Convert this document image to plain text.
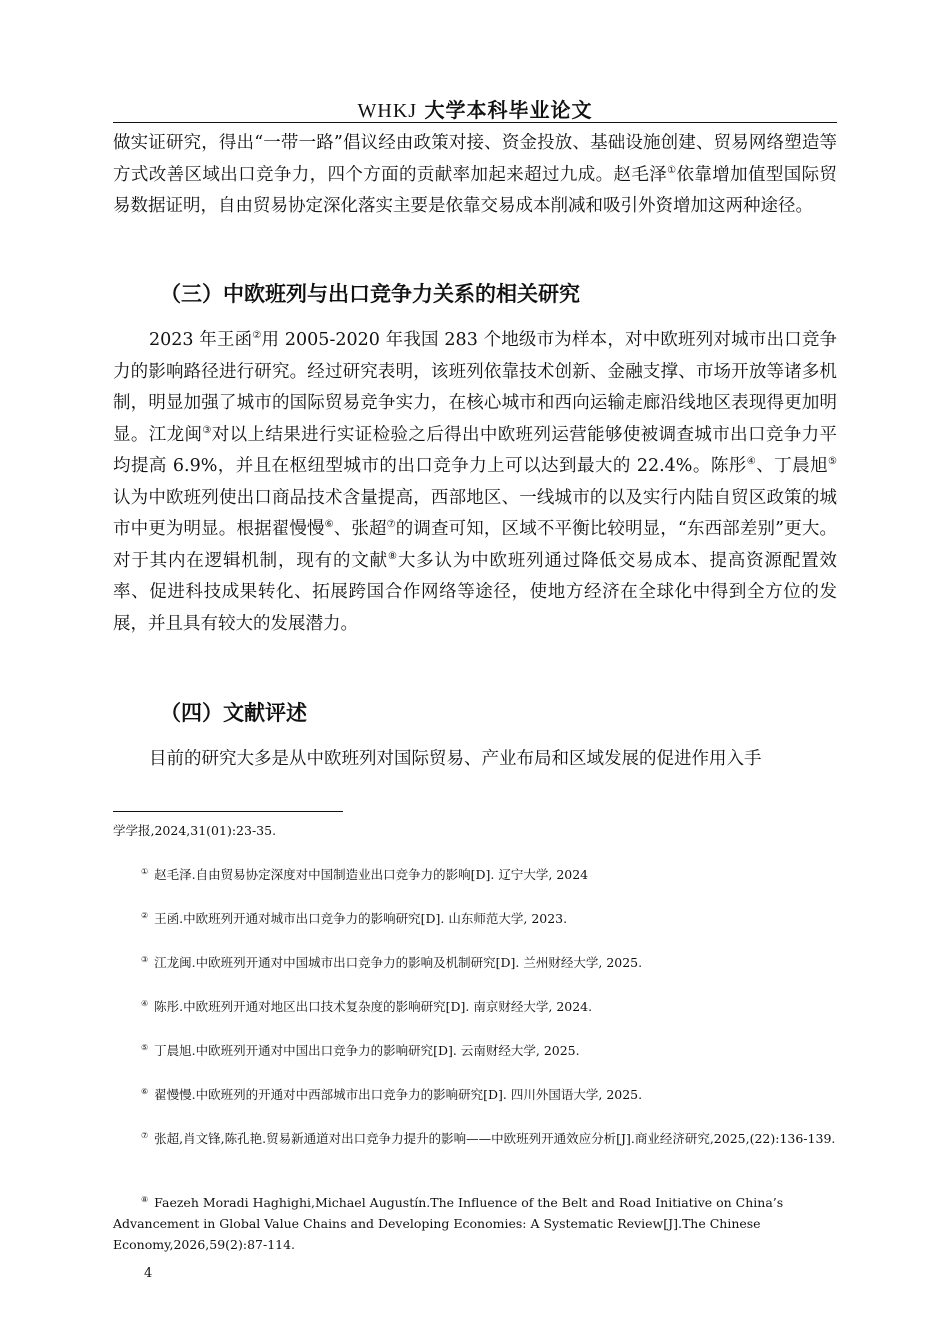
WHKJ 大学本科毕业论文

做实证研究，得出“一带一路”倡议经由政策对接、资金投放、基础设施创建、贸易网络塑造等方式改善区域出口竞争力，四个方面的贡献率加起来超过九成。赵毛泽①依靠增加值型国际贸易数据证明，自由贸易协定深化落实主要是依靠交易成本削减和吸引外资增加这两种途径。

（三）中欧班列与出口竞争力关系的相关研究

2023 年王函②用 2005-2020 年我国 283 个地级市为样本，对中欧班列对城市出口竞争力的影响路径进行研究。经过研究表明，该班列依靠技术创新、金融支撑、市场开放等诸多机制，明显加强了城市的国际贸易竞争实力，在核心城市和西向运输走廊沿线地区表现得更加明显。江龙闽③对以上结果进行实证检验之后得出中欧班列运营能够使被调查城市出口竞争力平均提高 6.9%，并且在枢纽型城市的出口竞争力上可以达到最大的 22.4%。陈彤④、丁晨旭⑤认为中欧班列使出口商品技术含量提高，西部地区、一线城市的以及实行内陆自贸区政策的城市中更为明显。根据翟慢慢⑥、张超⑦的调查可知，区域不平衡比较明显，“东西部差别”更大。对于其内在逻辑机制，现有的文献⑧大多认为中欧班列通过降低交易成本、提高资源配置效率、促进科技成果转化、拓展跨国合作网络等途径，使地方经济在全球化中得到全方位的发展，并且具有较大的发展潜力。

（四）文献评述

目前的研究大多是从中欧班列对国际贸易、产业布局和区域发展的促进作用入手

学学报,2024,31(01):23-35.

① 赵毛泽.自由贸易协定深度对中国制造业出口竞争力的影响[D]. 辽宁大学, 2024

② 王函.中欧班列开通对城市出口竞争力的影响研究[D]. 山东师范大学, 2023.

③ 江龙闽.中欧班列开通对中国城市出口竞争力的影响及机制研究[D]. 兰州财经大学, 2025.

④ 陈彤.中欧班列开通对地区出口技术复杂度的影响研究[D]. 南京财经大学, 2024.

⑤ 丁晨旭.中欧班列开通对中国出口竞争力的影响研究[D]. 云南财经大学, 2025.

⑥ 翟慢慢.中欧班列的开通对中西部城市出口竞争力的影响研究[D]. 四川外国语大学, 2025.

⑦ 张超,肖文锋,陈孔艳.贸易新通道对出口竞争力提升的影响——中欧班列开通效应分析[J].商业经济研究,2025,(22):136-139.

⑧ Faezeh Moradi Haghighi,Michael Augustín.The Influence of the Belt and Road Initiative on China’s Advancement in Global Value Chains and Developing Economies: A Systematic Review[J].The Chinese Economy,2026,59(2):87-114.

4
